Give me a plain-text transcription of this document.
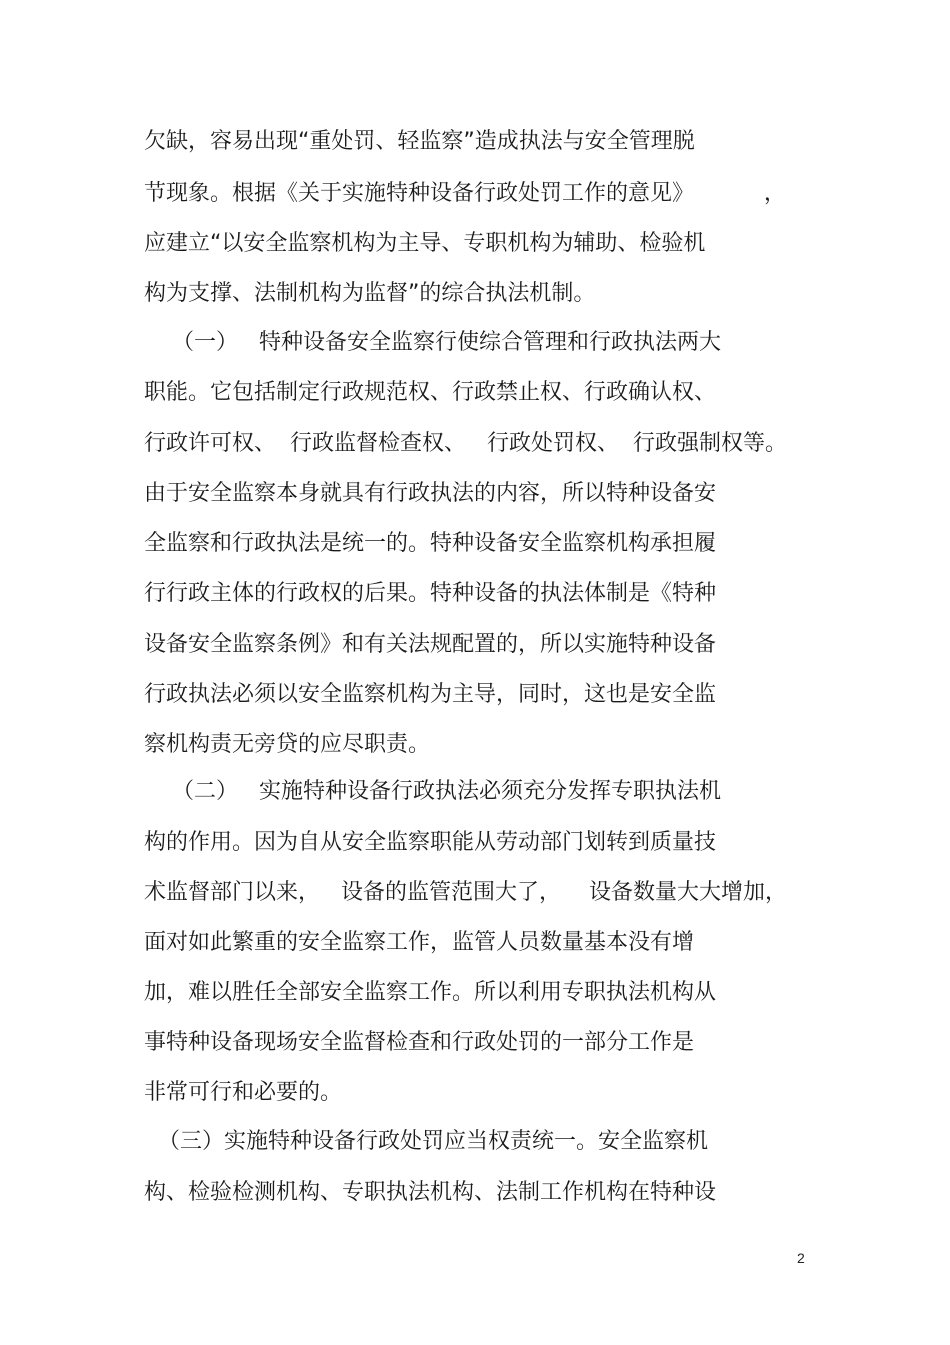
欠缺，容易出现“重处罚、轻监察”造成执法与安全管理脱
节现象。根据《关于实施特种设备行政处罚工作的意见》          ，
应建立“以安全监察机构为主导、专职机构为辅助、检验机
构为支撑、法制机构为监督”的综合执法机制。
（一）   特种设备安全监察行使综合管理和行政执法两大
职能。它包括制定行政规范权、行政禁止权、行政确认权、
行政许可权、  行政监督检查权、   行政处罚权、  行政强制权等。
由于安全监察本身就具有行政执法的内容，所以特种设备安
全监察和行政执法是统一的。特种设备安全监察机构承担履
行行政主体的行政权的后果。特种设备的执法体制是《特种
设备安全监察条例》和有关法规配置的，所以实施特种设备
行政执法必须以安全监察机构为主导，同时，这也是安全监
察机构责无旁贷的应尽职责。
（二）   实施特种设备行政执法必须充分发挥专职执法机
构的作用。因为自从安全监察职能从劳动部门划转到质量技
术监督部门以来，   设备的监管范围大了，    设备数量大大增加，
面对如此繁重的安全监察工作，监管人员数量基本没有增
加，难以胜任全部安全监察工作。所以利用专职执法机构从
事特种设备现场安全监督检查和行政处罚的一部分工作是
非常可行和必要的。
（三）实施特种设备行政处罚应当权责统一。安全监察机
构、检验检测机构、专职执法机构、法制工作机构在特种设
2
